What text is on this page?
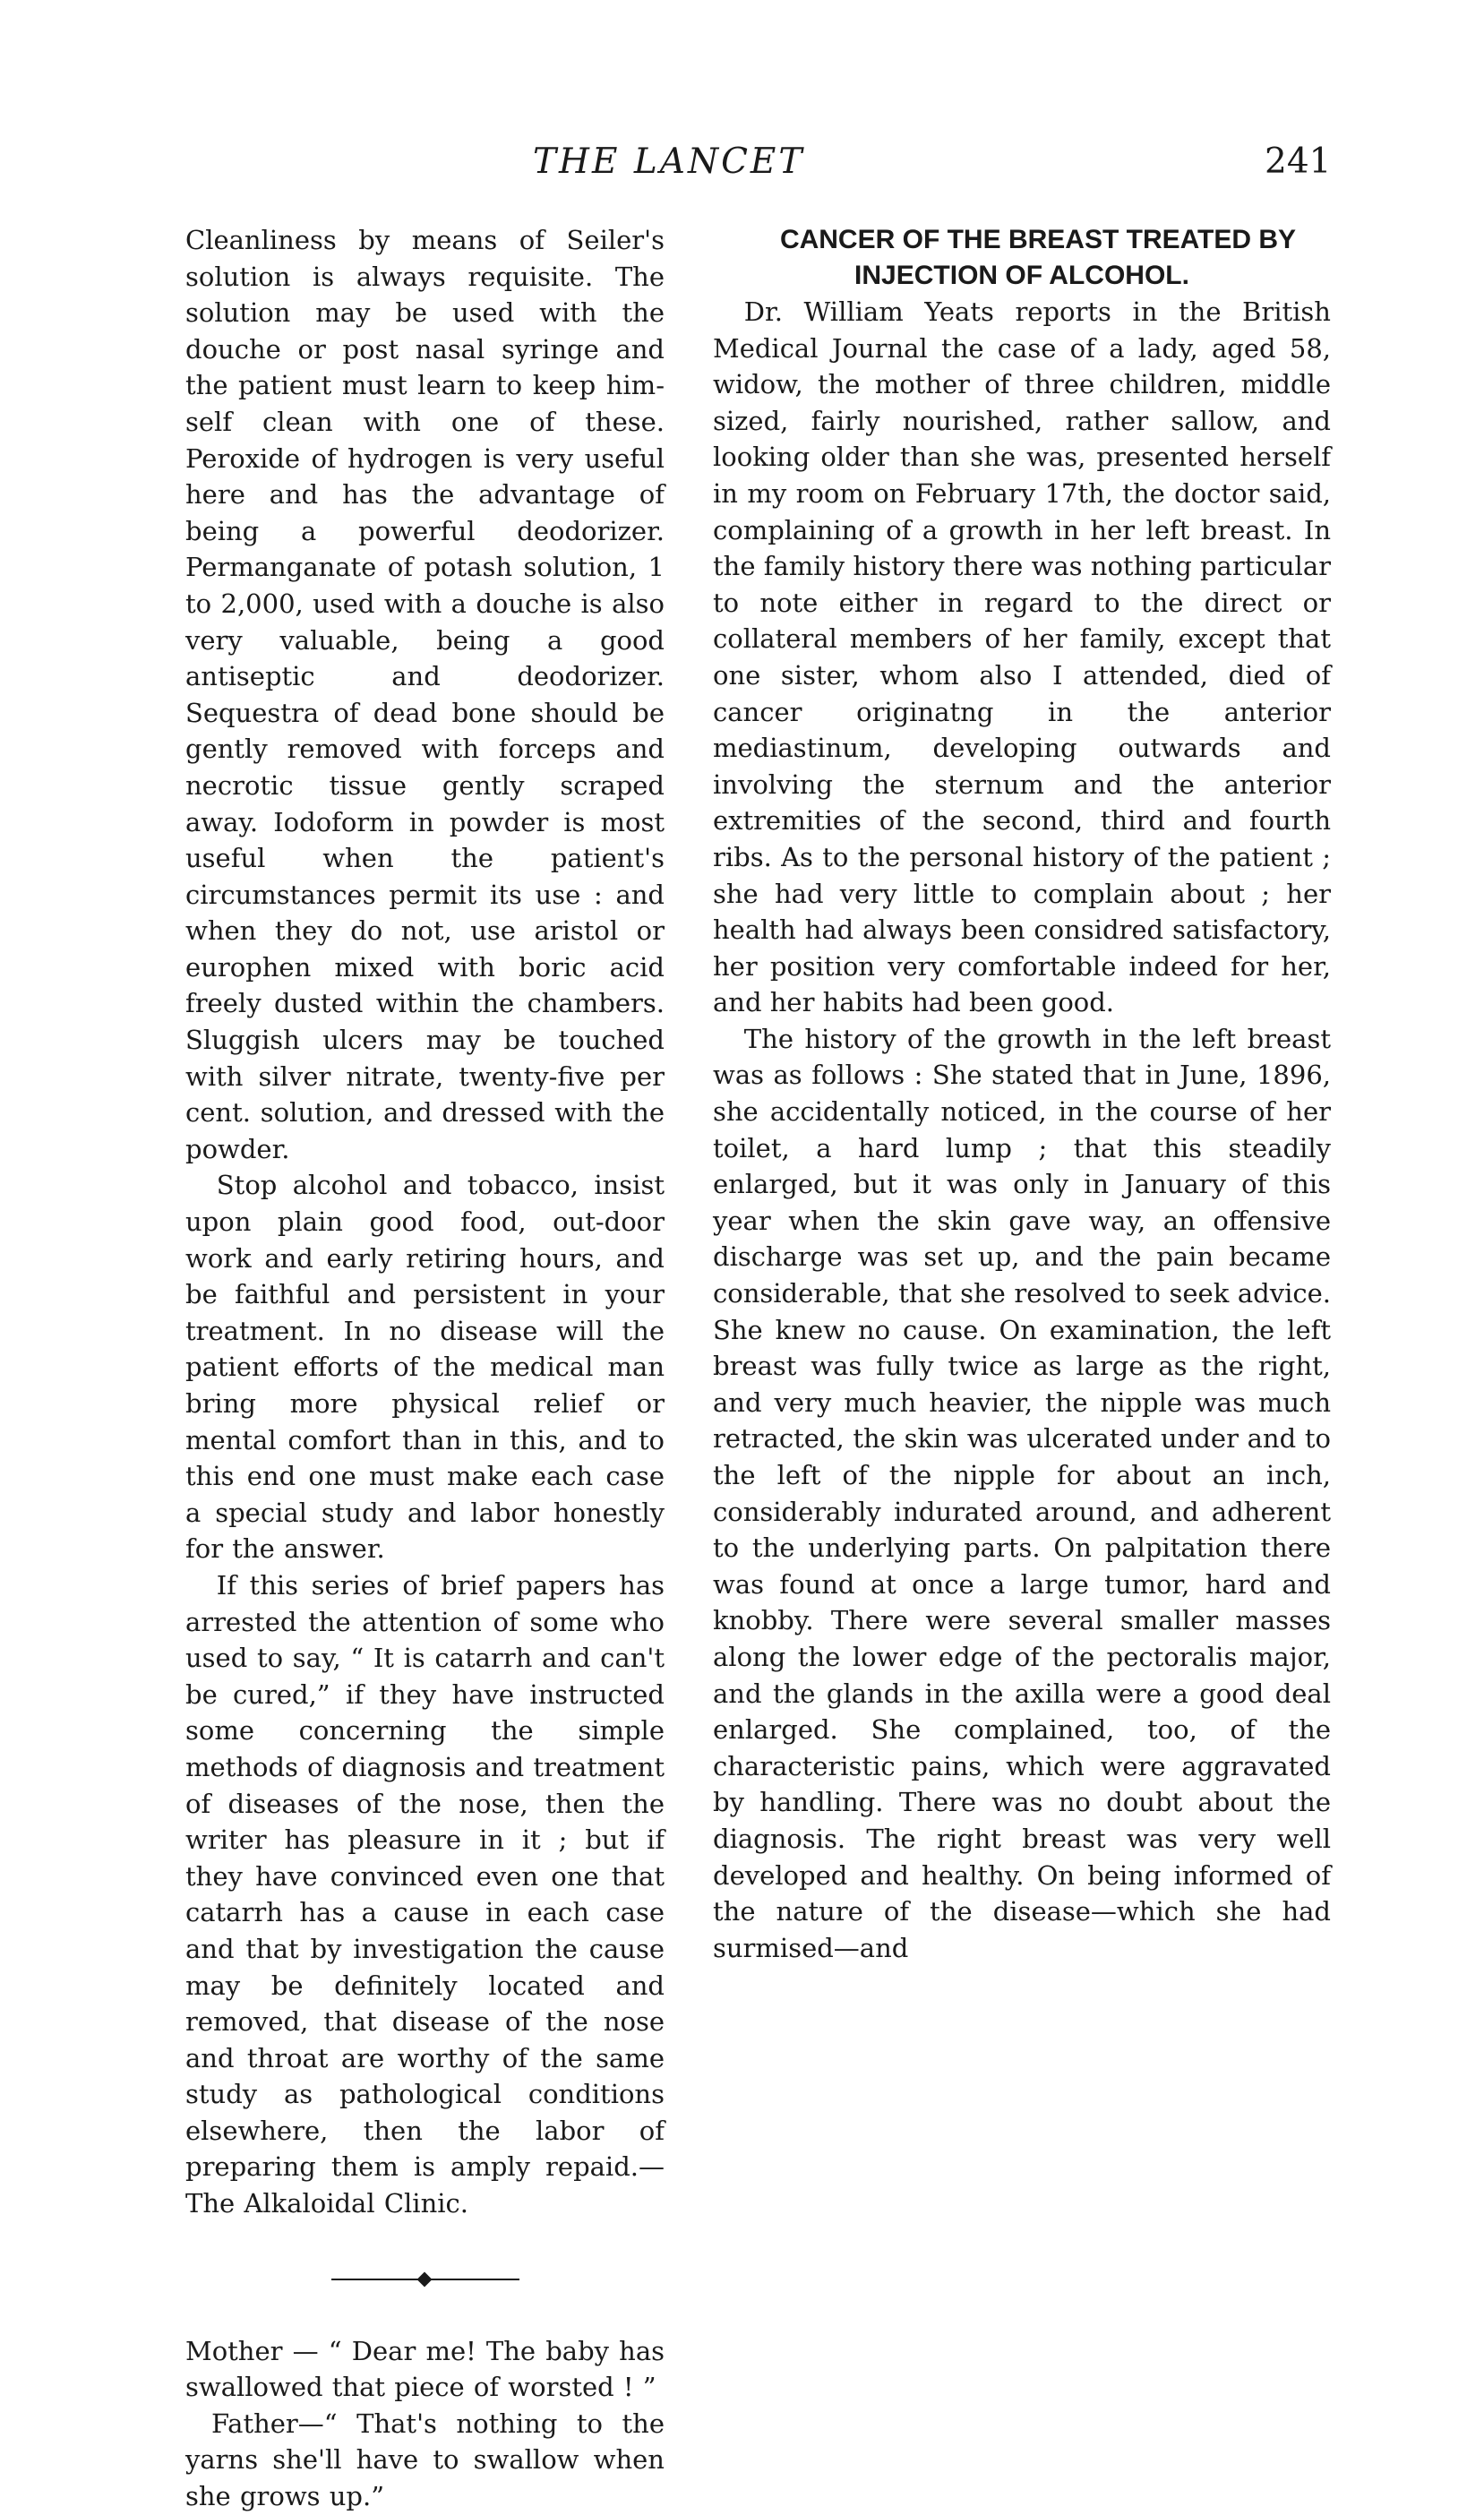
THE LANCET	241

Cleanliness by means of Seiler's solution is always requisite. The solution may be used with the douche or post nasal syringe and the patient must learn to keep himself clean with one of these. Peroxide of hydrogen is very useful here and has the advantage of being a powerful deodorizer. Permanganate of potash solution, 1 to 2,000, used with a douche is also very valuable, being a good antiseptic and deodorizer. Sequestra of dead bone should be gently removed with forceps and necrotic tissue gently scraped away. Iodoform in powder is most useful when the patient's circumstances permit its use : and when they do not, use aristol or europhen mixed with boric acid freely dusted within the chambers. Sluggish ulcers may be touched with silver nitrate, twenty-five per cent. solution, and dressed with the powder.

Stop alcohol and tobacco, insist upon plain good food, out-door work and early retiring hours, and be faithful and persistent in your treatment. In no disease will the patient efforts of the medical man bring more physical relief or mental comfort than in this, and to this end one must make each case a special study and labor honestly for the answer.

If this series of brief papers has arrested the attention of some who used to say, “ It is catarrh and can't be cured,” if they have instructed some concerning the simple methods of diagnosis and treatment of diseases of the nose, then the writer has pleasure in it ; but if they have convinced even one that catarrh has a cause in each case and that by investigation the cause may be definitely located and removed, that disease of the nose and throat are worthy of the same study as pathological conditions elsewhere, then the labor of preparing them is amply repaid.—The Alkaloidal Clinic.

Mother — “ Dear me! The baby has swallowed that piece of worsted ! ”

Father—“ That's nothing to the yarns she'll have to swallow when she grows up.”

CANCER OF THE BREAST TREATED BY INJECTION OF ALCOHOL.

Dr. William Yeats reports in the British Medical Journal the case of a lady, aged 58, widow, the mother of three children, middle sized, fairly nourished, rather sallow, and looking older than she was, presented herself in my room on February 17th, the doctor said, complaining of a growth in her left breast. In the family history there was nothing particular to note either in regard to the direct or collateral members of her family, except that one sister, whom also I attended, died of cancer originatng in the anterior mediastinum, developing outwards and involving the sternum and the anterior extremities of the second, third and fourth ribs. As to the personal history of the patient ; she had very little to complain about ; her health had always been considred satisfactory, her position very comfortable indeed for her, and her habits had been good.

The history of the growth in the left breast was as follows : She stated that in June, 1896, she accidentally noticed, in the course of her toilet, a hard lump ; that this steadily enlarged, but it was only in January of this year when the skin gave way, an offensive discharge was set up, and the pain became considerable, that she resolved to seek advice. She knew no cause. On examination, the left breast was fully twice as large as the right, and very much heavier, the nipple was much retracted, the skin was ulcerated under and to the left of the nipple for about an inch, considerably indurated around, and adherent to the underlying parts. On palpitation there was found at once a large tumor, hard and knobby. There were several smaller masses along the lower edge of the pectoralis major, and the glands in the axilla were a good deal enlarged. She complained, too, of the characteristic pains, which were aggravated by handling. There was no doubt about the diagnosis. The right breast was very well developed and healthy. On being informed of the nature of the disease—which she had surmised—and
